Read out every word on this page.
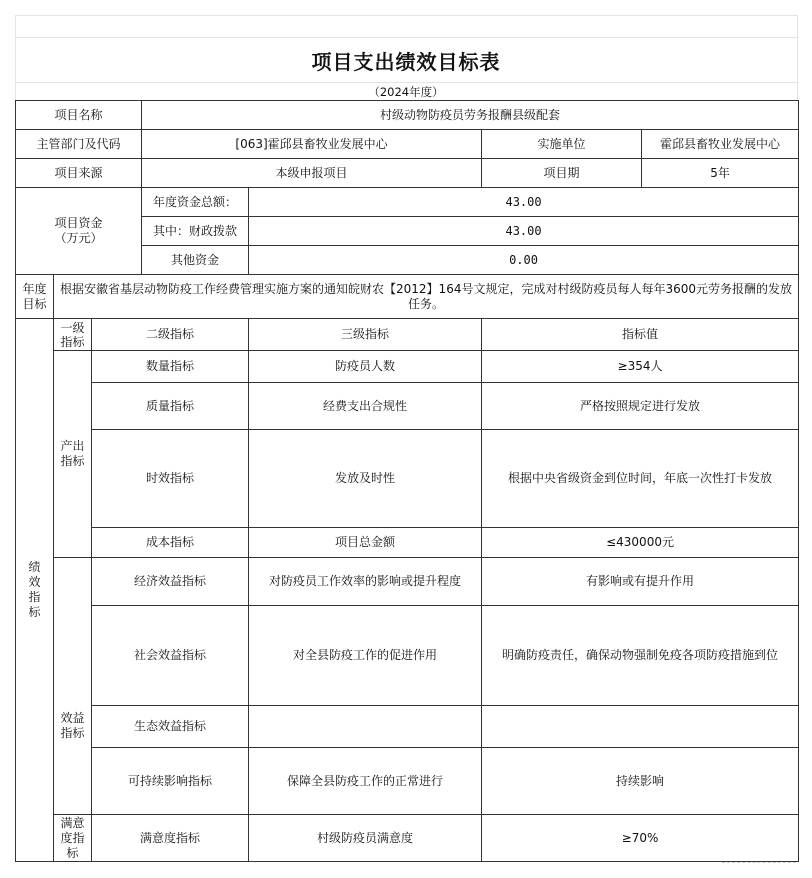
项目支出绩效目标表
（2024年度）
项目名称			村级动物防疫员劳务报酬县级配套			
主管部门及代码			[063]霍邱县畜牧业发展中心		实施单位	霍邱县畜牧业发展中心
项目来源			本级申报项目		项目期	5年

项目资金
（万元）			年度资金总额：	43.00		
			其中：财政拨款	43.00		
			其他资金	0.00		

年度
目标	根据安徽省基层动物防疫工作经费管理实施方案的通知皖财农【2012】164号文规定，完成对村级防疫员每人每年3600元劳务报酬的发放任务。					

绩
效
指
标	一级指标	二级指标		三级指标	指标值	

	产出指标	数量指标		防疫员人数	≥354人	
		质量指标		经费支出合规性	严格按照规定进行发放	
		时效指标		发放及时性	根据中央省级资金到位时间，年底一次性打卡发放	
		成本指标		项目总金额	≤430000元	

	效益指标	经济效益指标		对防疫员工作效率的影响或提升程度	有影响或有提升作用	
		社会效益指标		对全县防疫工作的促进作用	明确防疫责任，确保动物强制免疫各项防疫措施到位	
		生态效益指标				
		可持续影响指标		保障全县防疫工作的正常进行	持续影响	

	满意度指标	满意度指标		村级防疫员满意度	≥70%	
